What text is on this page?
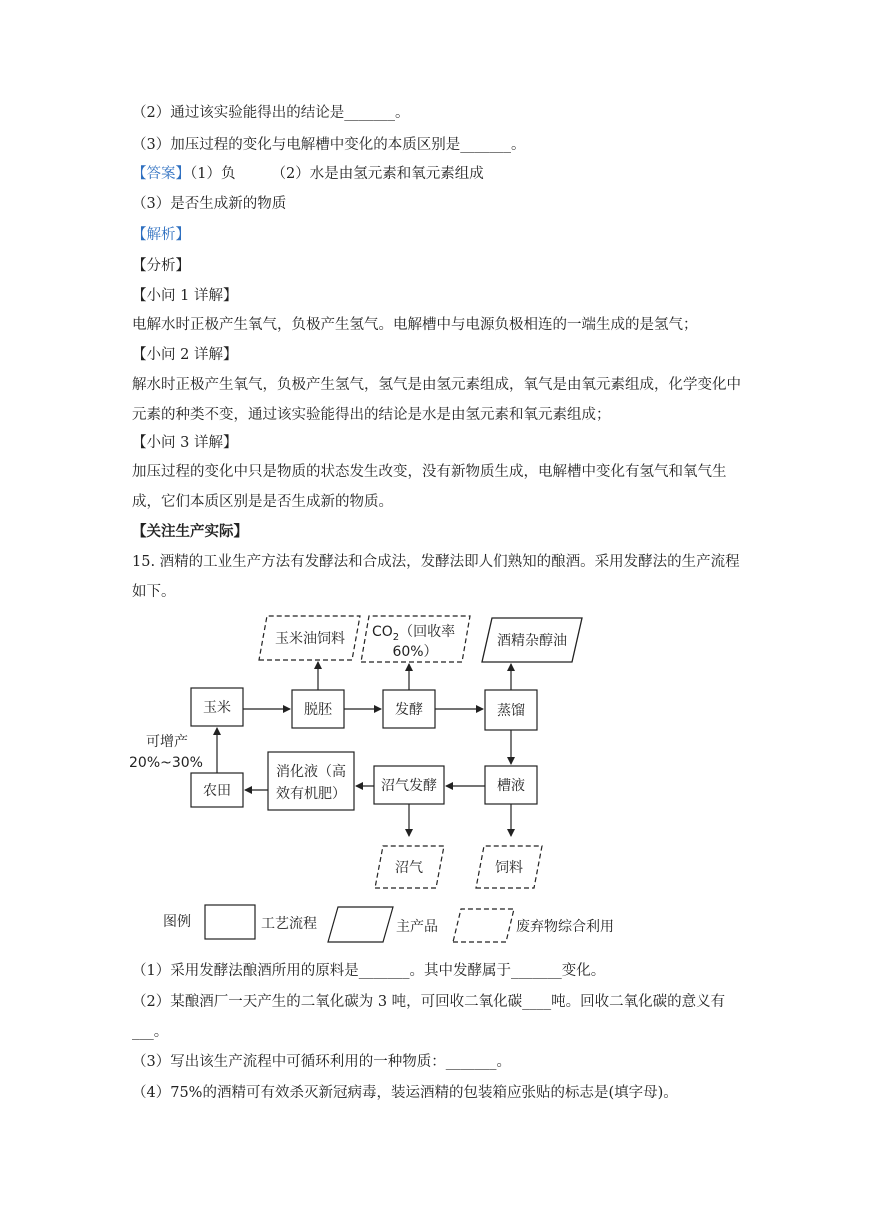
（2）通过该实验能得出的结论是_______。
（3）加压过程的变化与电解槽中变化的本质区别是_______。
【答案】（1）负 （2）水是由氢元素和氧元素组成
（3）是否生成新的物质
【解析】
【分析】
【小问 1 详解】
电解水时正极产生氧气，负极产生氢气。电解槽中与电源负极相连的一端生成的是氢气；
【小问 2 详解】
解水时正极产生氧气，负极产生氢气，氢气是由氢元素组成，氧气是由氧元素组成，化学变化中元素的种类不变，通过该实验能得出的结论是水是由氢元素和氧元素组成；
【小问 3 详解】
加压过程的变化中只是物质的状态发生改变，没有新物质生成，电解槽中变化有氢气和氧气生成，它们本质区别是是否生成新的物质。
【关注生产实际】
15. 酒精的工业生产方法有发酵法和合成法，发酵法即人们熟知的酿酒。采用发酵法的生产流程如下。
玉米	脱胚	发酵	蒸馏
槽液
沼气发酵
消化液（高
效有机肥）
农田
玉米油饲料 $CO_2$（回收率
60%）
酒精杂醇油
沼气	饲料
可增产
20%~30%
图例	工艺流程	主产品	废弃物综合利用
（1）采用发酵法酿酒所用的原料是_______。其中发酵属于_______变化。
（2）某酿酒厂一天产生的二氧化碳为 3 吨，可回收二氧化碳____吨。回收二氧化碳的意义有___。
（3）写出该生产流程中可循环利用的一种物质：_______。
（4）75%的酒精可有效杀灭新冠病毒，装运酒精的包装箱应张贴的标志是(填字母)。
